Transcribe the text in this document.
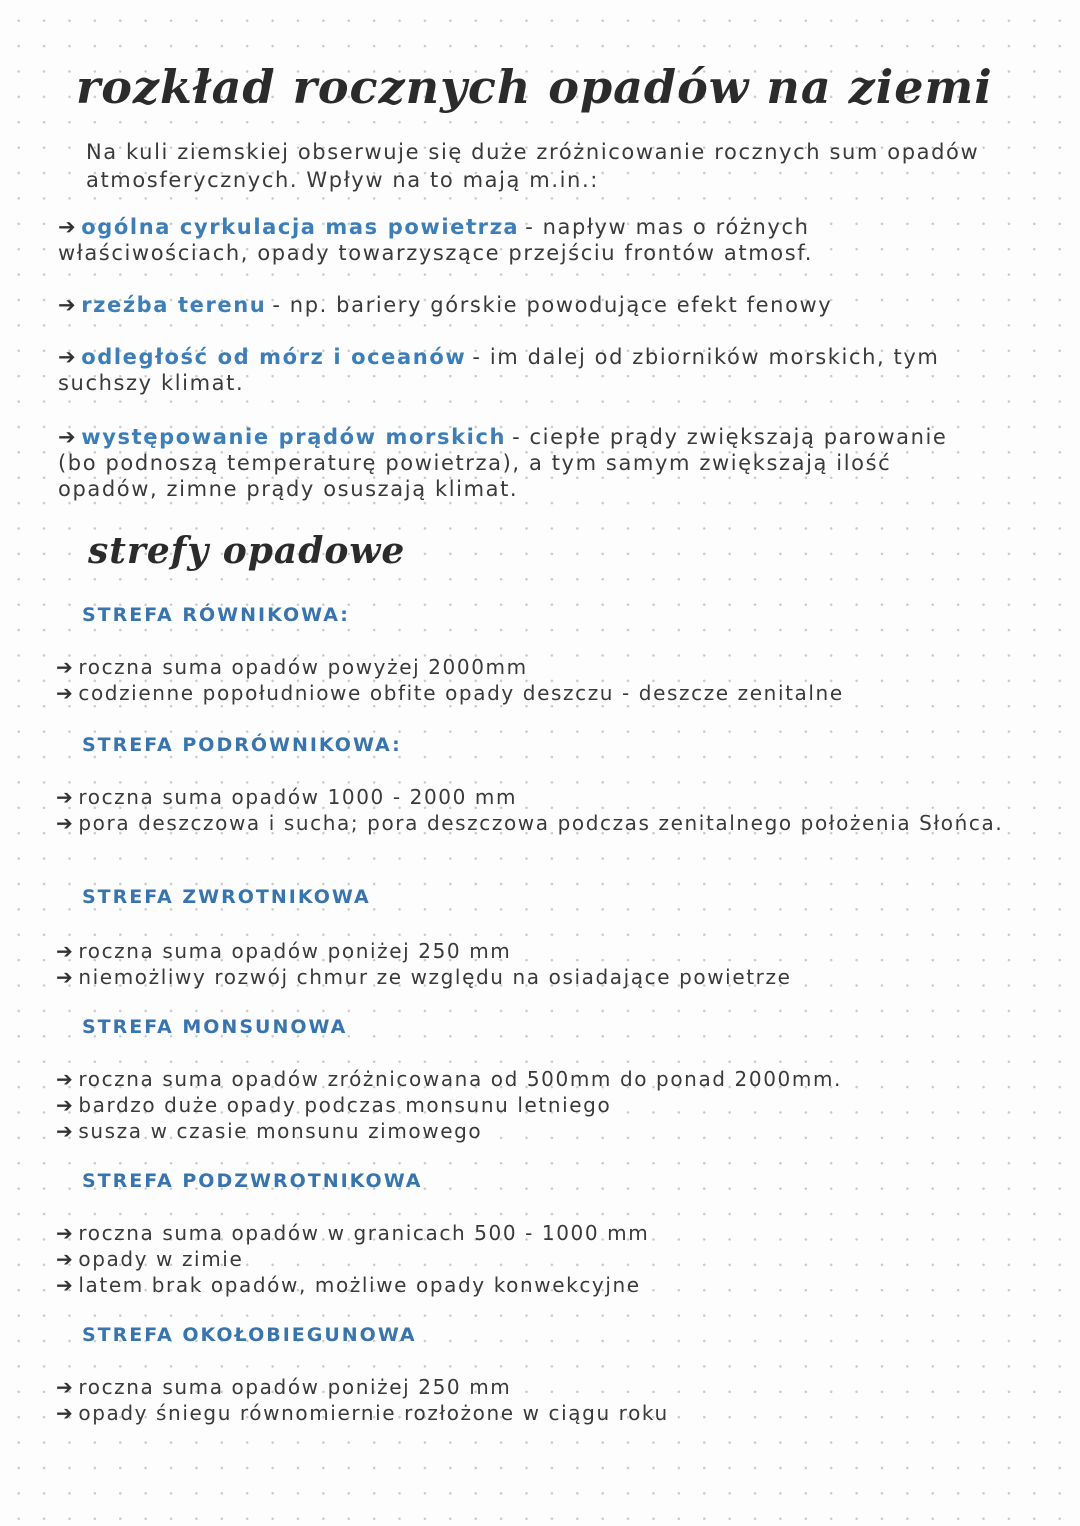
rozkład rocznych opadów na ziemi

Na kuli ziemskiej obserwuje się duże zróżnicowanie rocznych sum opadów atmosferycznych. Wpływ na to mają m.in.:

➔ ogólna cyrkulacja mas powietrza - napływ mas o różnych właściwościach, opady towarzyszące przejściu frontów atmosf.

➔ rzeźba terenu - np. bariery górskie powodujące efekt fenowy

➔ odległość od mórz i oceanów - im dalej od zbiorników morskich, tym suchszy klimat.

➔ występowanie prądów morskich - ciepłe prądy zwiększają parowanie (bo podnoszą temperaturę powietrza), a tym samym zwiększają ilość opadów, zimne prądy osuszają klimat.

strefy opadowe
STREFA RÓWNIKOWA:
➔ roczna suma opadów powyżej 2000mm
➔ codzienne popołudniowe obfite opady deszczu - deszcze zenitalne
STREFA PODRÓWNIKOWA:
➔ roczna suma opadów 1000 - 2000 mm
➔ pora deszczowa i sucha; pora deszczowa podczas zenitalnego położenia Słońca.
STREFA ZWROTNIKOWA
➔ roczna suma opadów poniżej 250 mm
➔ niemożliwy rozwój chmur ze względu na osiadające powietrze
STREFA MONSUNOWA
➔ roczna suma opadów zróżnicowana od 500mm do ponad 2000mm.
➔ bardzo duże opady podczas monsunu letniego
➔ susza w czasie monsunu zimowego
STREFA PODZWROTNIKOWA
➔ roczna suma opadów w granicach 500 - 1000 mm
➔ opady w zimie
➔ latem brak opadów, możliwe opady konwekcyjne
STREFA OKOŁOBIEGUNOWA
➔ roczna suma opadów poniżej 250 mm
➔ opady śniegu równomiernie rozłożone w ciągu roku
